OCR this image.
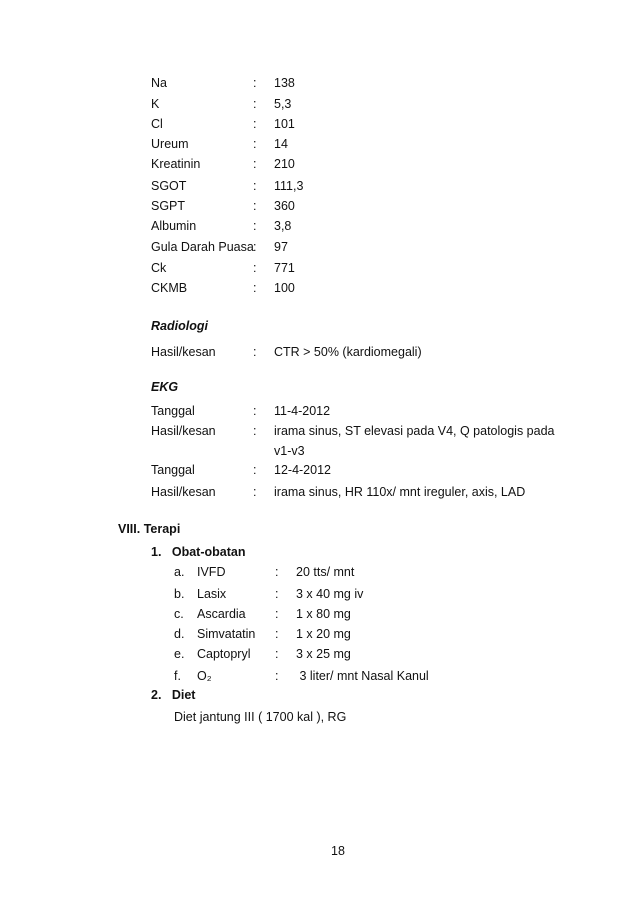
Na	: 138
K	: 5,3
Cl	: 101
Ureum	: 14
Kreatinin	: 210
SGOT	: 111,3
SGPT	: 360
Albumin	: 3,8
Gula Darah Puasa : 97
Ck	: 771
CKMB	: 100
Radiologi
Hasil/kesan	: CTR > 50% (kardiomegali)
EKG
Tanggal	: 11-4-2012
Hasil/kesan	: irama sinus, ST elevasi pada V4, Q patologis pada
v1-v3
Tanggal	: 12-4-2012
Hasil/kesan	: irama sinus, HR 110x/ mnt ireguler, axis, LAD
VIII. Terapi
1.   Obat-obatan
a. IVFD	: 20 tts/ mnt
b. Lasix	: 3 x 40 mg iv
c. Ascardia : 1 x 80 mg
d. Simvatatin : 1 x 20 mg
e. Captopryl : 3 x 25 mg
f. O₂	: 3 liter/ mnt Nasal Kanul
2.   Diet
Diet jantung III ( 1700 kal ), RG
18
